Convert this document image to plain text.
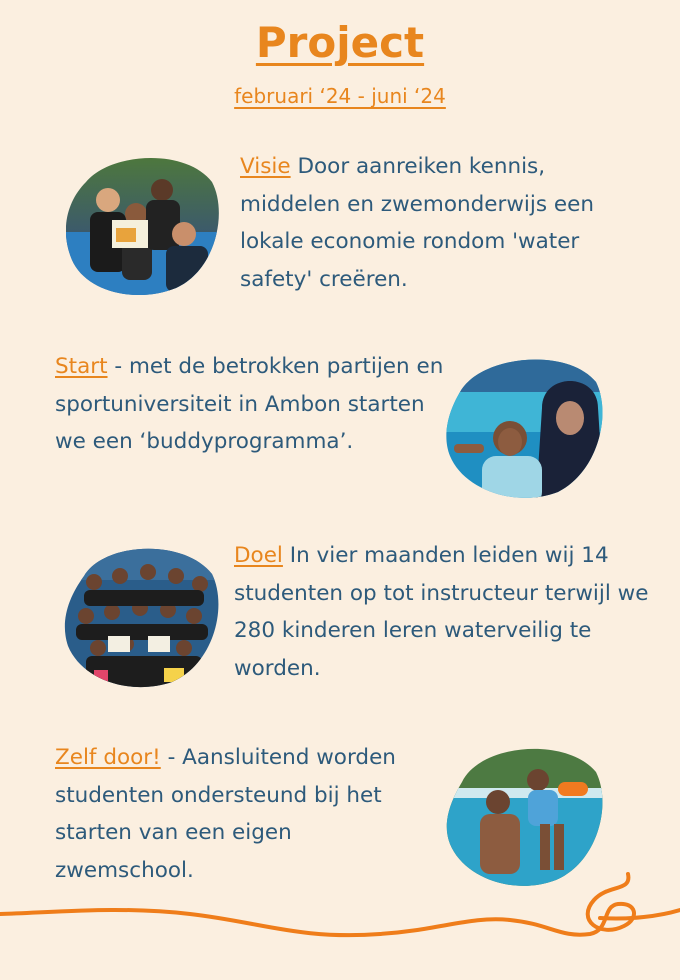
Project
februari ‘24 - juni ‘24
Visie Door aanreiken kennis, middelen en zwemonderwijs een lokale economie rondom 'water safety' creëren.
Start - met de betrokken partijen en sportuniversiteit in Ambon starten we een ‘buddyprogramma’.
Doel In vier maanden leiden wij 14 studenten op tot instructeur terwijl we 280 kinderen leren waterveilig te worden.
Zelf door! - Aansluitend worden studenten ondersteund bij het starten van een eigen zwemschool.
